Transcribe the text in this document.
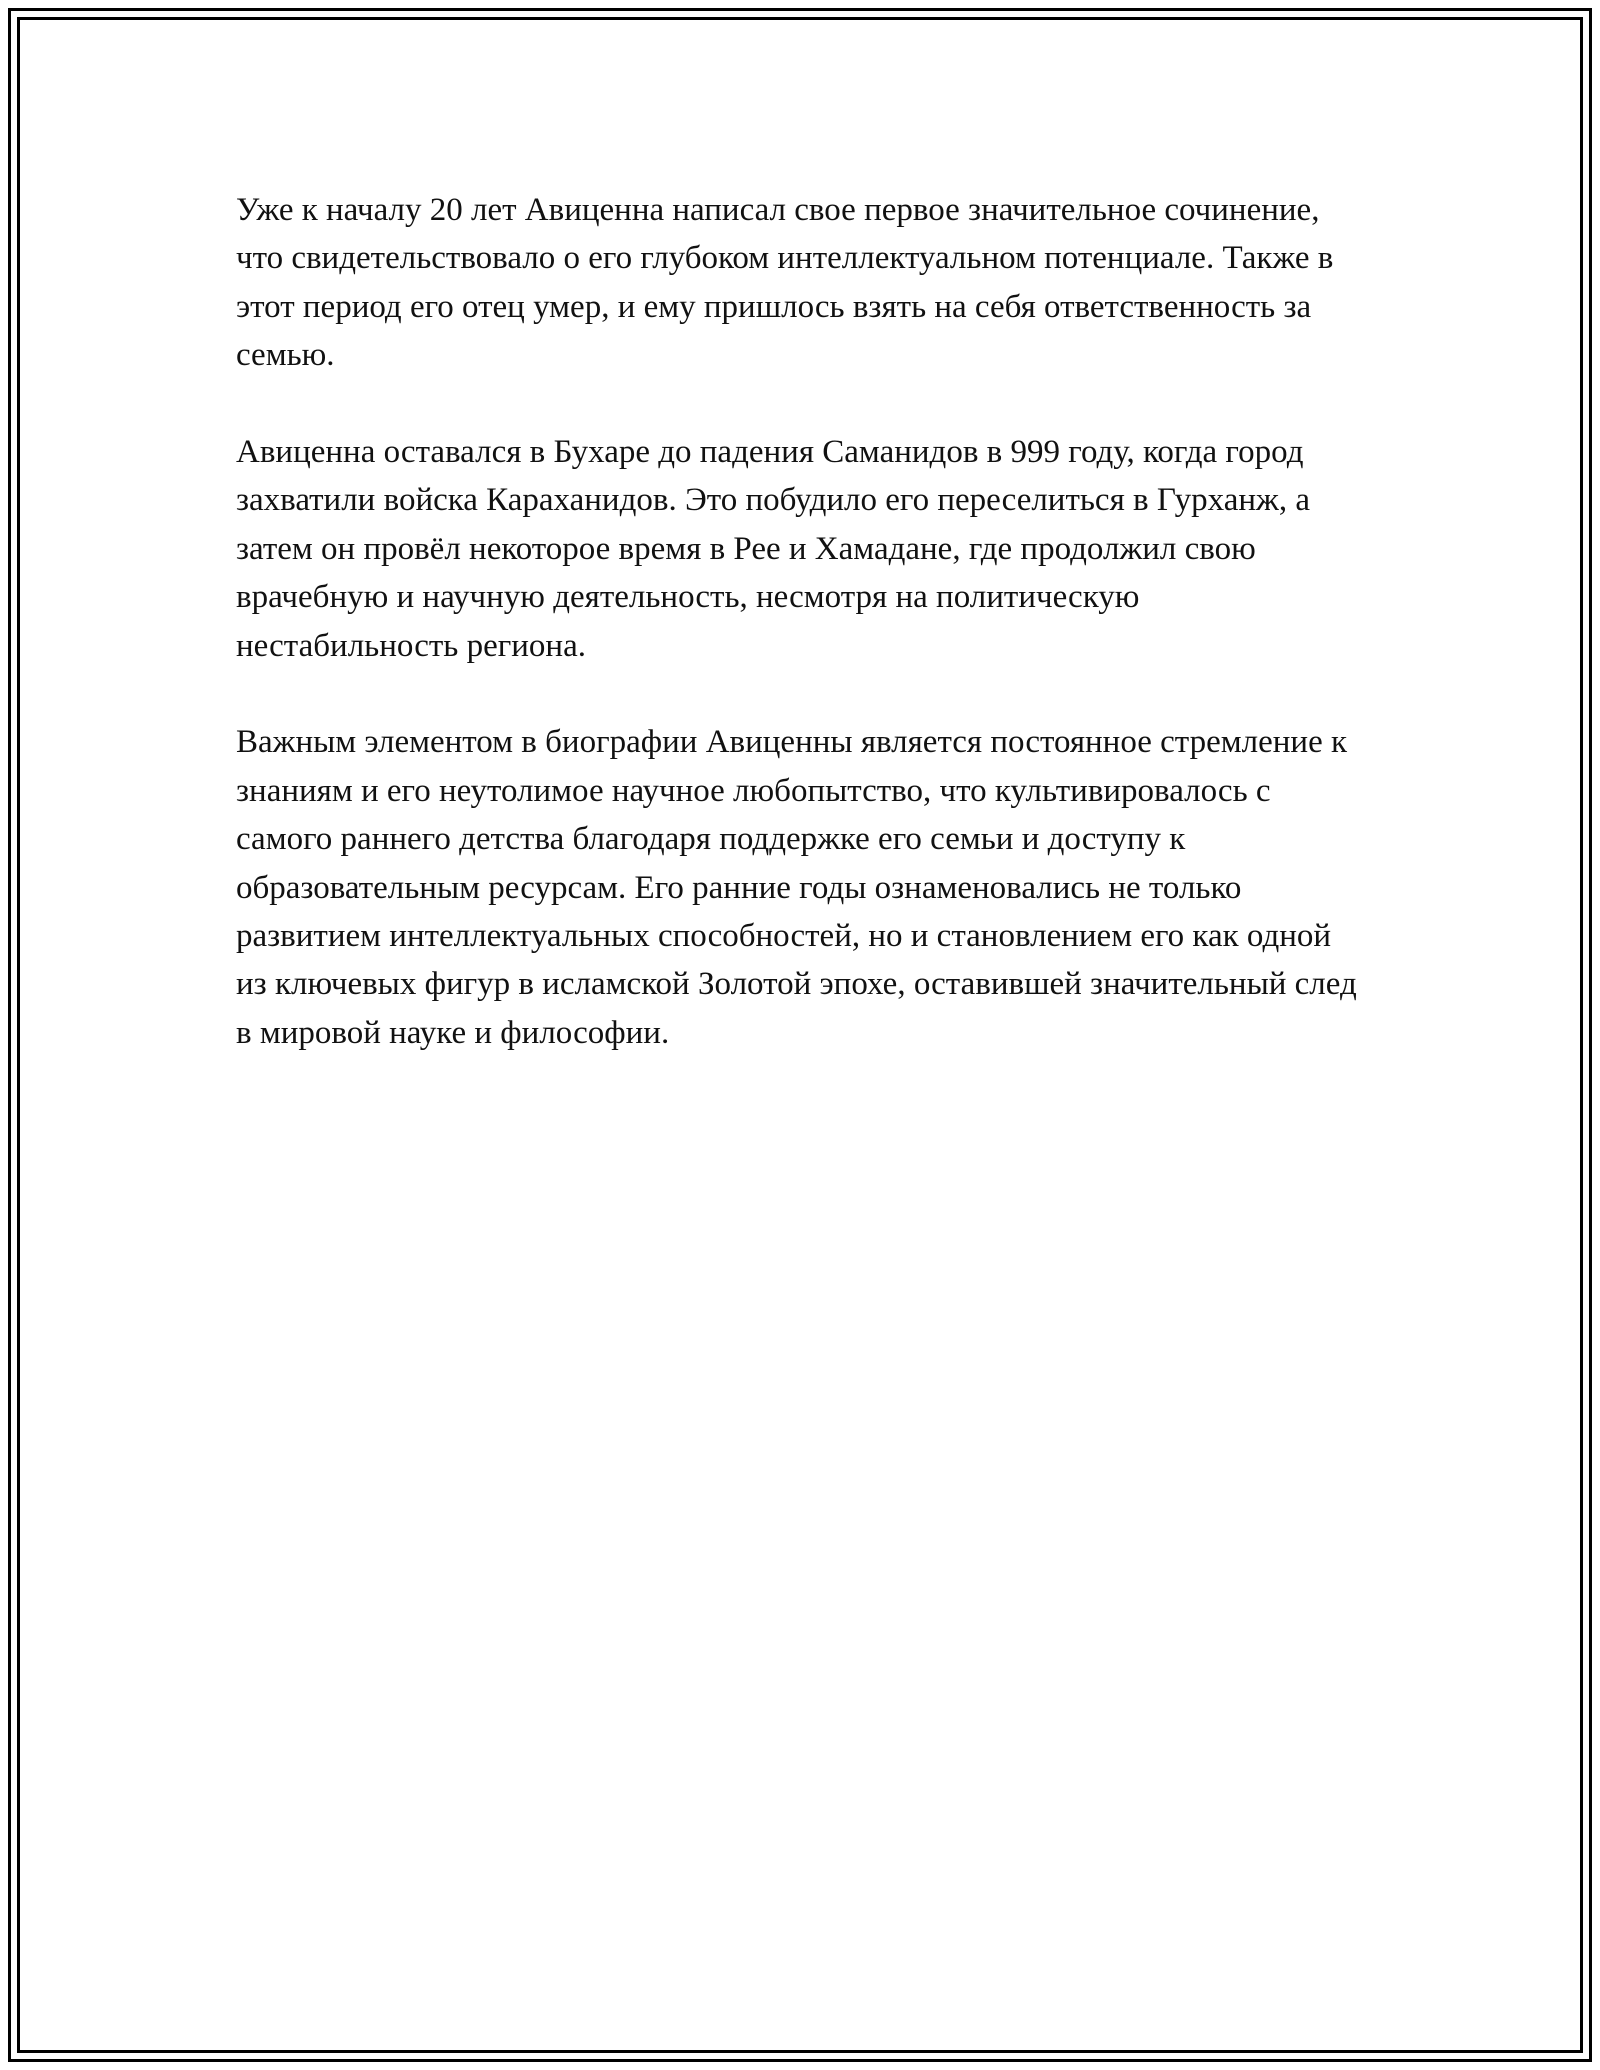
Уже к началу 20 лет Авиценна написал свое первое значительное сочинение, что свидетельствовало о его глубоком интеллектуальном потенциале. Также в этот период его отец умер, и ему пришлось взять на себя ответственность за семью.

Авиценна оставался в Бухаре до падения Саманидов в 999 году, когда город захватили войска Караханидов. Это побудило его переселиться в Гурханж, а затем он провёл некоторое время в Рее и Хамадане, где продолжил свою врачебную и научную деятельность, несмотря на политическую нестабильность региона.

Важным элементом в биографии Авиценны является постоянное стремление к знаниям и его неутолимое научное любопытство, что культивировалось с самого раннего детства благодаря поддержке его семьи и доступу к образовательным ресурсам. Его ранние годы ознаменовались не только развитием интеллектуальных способностей, но и становлением его как одной из ключевых фигур в исламской Золотой эпохе, оставившей значительный след в мировой науке и философии.
